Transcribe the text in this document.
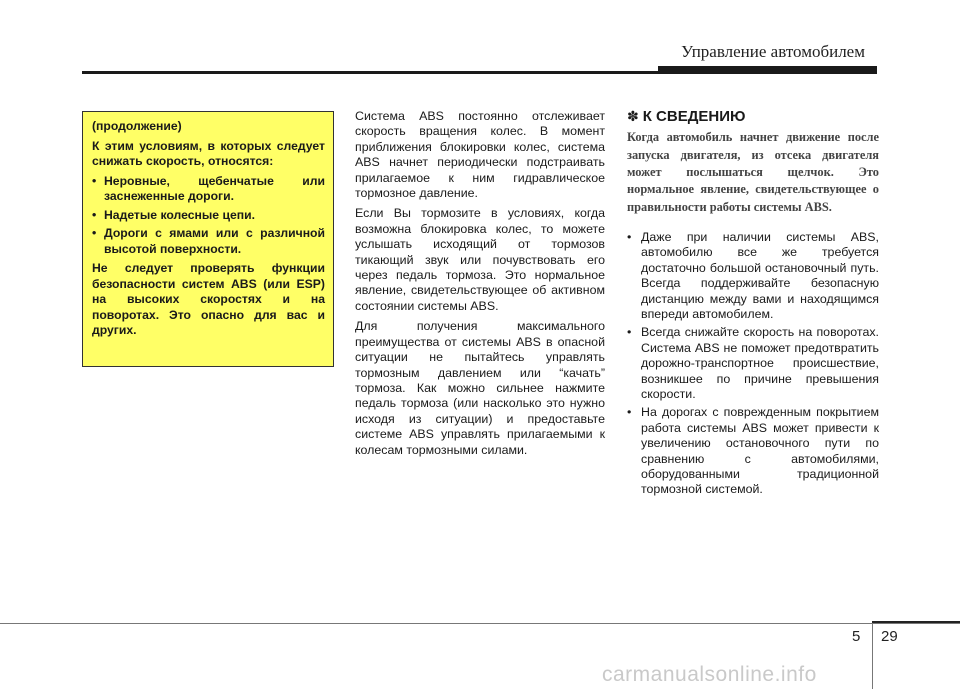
Управление автомобилем

(продолжение)

К этим условиям, в которых следует снижать скорость, относятся:

• Неровные, щебенчатые или заснеженные дороги.
• Надетые колесные цепи.
• Дороги с ямами или с различной высотой поверхности.

Не следует проверять функции безопасности систем ABS (или ESP) на высоких скоростях и на поворотах. Это опасно для вас и других.

Система ABS постоянно отслеживает скорость вращения колес. В момент приближения блокировки колес, система ABS начнет периодически подстраивать прилагаемое к ним гидравлическое тормозное давление.

Если Вы тормозите в условиях, когда возможна блокировка колес, то можете услышать исходящий от тормозов тикающий звук или почувствовать его через педаль тормоза. Это нормальное явление, свидетельствующее об активном состоянии системы ABS.

Для получения максимального преимущества от системы ABS в опасной ситуации не пытайтесь управлять тормозным давлением или “качать” тормоза. Как можно сильнее нажмите педаль тормоза (или насколько это нужно исходя из ситуации) и предоставьте системе ABS управлять прилагаемыми к колесам тормозными силами.

✽ К СВЕДЕНИЮ

Когда автомобиль начнет движение после запуска двигателя, из отсека двигателя может послышаться щелчок. Это нормальное явление, свидетельствующее о правильности работы системы ABS.

• Даже при наличии системы ABS, автомобилю все же требуется достаточно большой остановочный путь. Всегда поддерживайте безопасную дистанцию между вами и находящимся впереди автомобилем.
• Всегда снижайте скорость на поворотах. Система ABS не поможет предотвратить дорожно-транспортное происшествие, возникшее по причине превышения скорости.
• На дорогах с поврежденным покрытием работа системы ABS может привести к увеличению остановочного пути по сравнению с автомобилями, оборудованными традиционной тормозной системой.
5 29
carmanualsonline.info
